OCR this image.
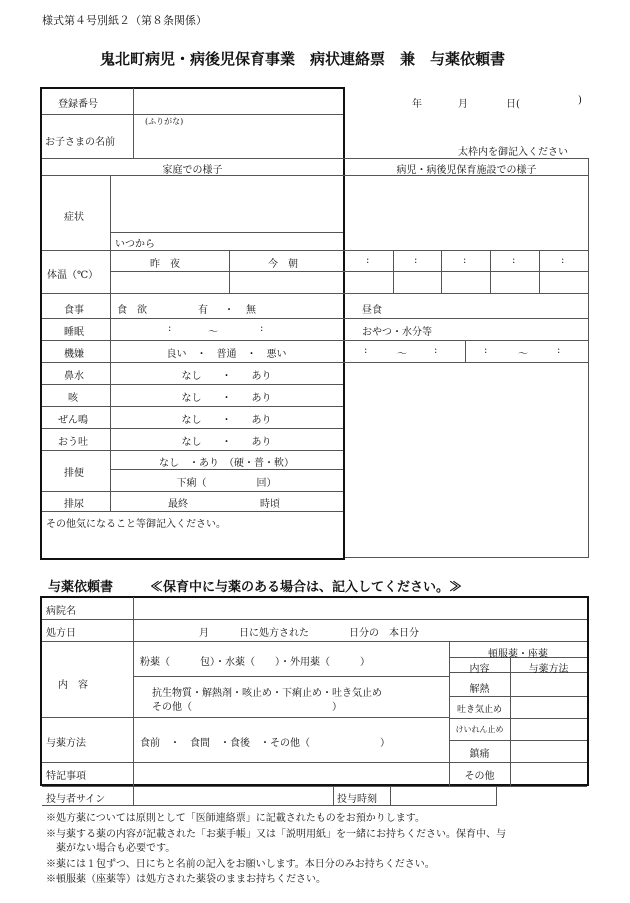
様式第４号別紙２（第８条関係）
鬼北町病児・病後児保育事業　病状連絡票　兼　与薬依頼書
登録番号
(ふりがな)
お子さまの名前
年	月	日(	)
太枠内を御記入ください
家庭での様子	病児・病後児保育施設での様子
症状
いつから
体温（℃）
昨　夜	今　朝	:	:	:	:	:
食事	食　欲	有 ・ 無	昼食
睡眠	:	〜	:	おやつ・水分等
機嫌	良い　・　普通　・　悪い	:	〜	:	:	〜	:
鼻水	なし　　・　　あり
咳	なし　　・　　あり
ぜん鳴	なし　　・　　あり
おう吐	なし　　・　　あり
排便
なし　・あり　（硬・普・軟）
下痢（　　　　　回）
排尿	最終	時頃
その他気になること等御記入ください。
与薬依頼書	≪保育中に与薬のある場合は、記入してください。≫
病院名
処方日	月　　　日に処方された　　　　日分の　本日分
内　容
粉薬（　　　包）・水薬（　　）・外用薬（　　　）
抗生物質・解熱剤・咳止め・下痢止め・吐き気止め
その他（　　　　　　　　　　　　　　）
与薬方法	食前　・　食間　・食後　・その他（　　　　　　　）
特記事項
頓服薬・座薬
内容	与薬方法
解熱
吐き気止め
けいれん止め
鎮痛
その他
投与者サイン	投与時刻
※処方薬については原則として「医師連絡票」に記載されたものをお預かりします。
※与薬する薬の内容が記載された「お薬手帳」又は「説明用紙」を一緒にお持ちください。保育中、与
　薬がない場合も必要です。
※薬には１包ずつ、日にちと名前の記入をお願いします。本日分のみお持ちください。
※頓服薬（座薬等）は処方された薬袋のままお持ちください。
